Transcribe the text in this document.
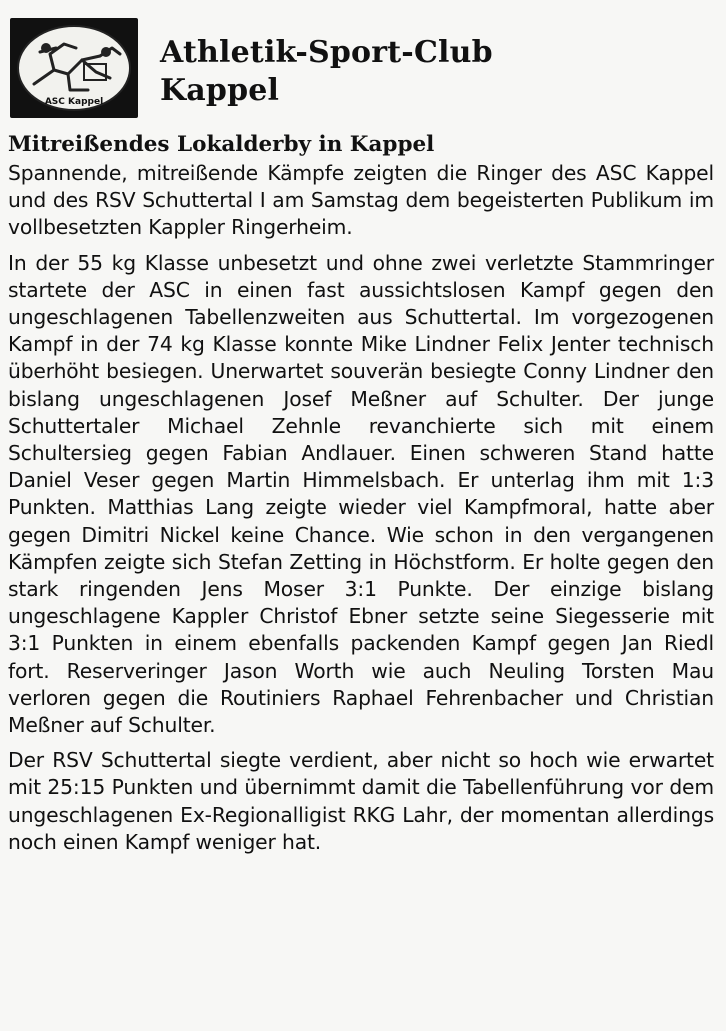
ASC Kappel
Athletik-Sport-Club
Kappel
Mitreißendes Lokalderby in Kappel

Spannende, mitreißende Kämpfe zeigten die Ringer des ASC Kappel und des RSV Schuttertal I am Samstag dem begeisterten Publikum im vollbesetzten Kappler Ringerheim.

In der 55 kg Klasse unbesetzt und ohne zwei verletzte Stammringer startete der ASC in einen fast aussichtslosen Kampf gegen den ungeschlagenen Tabellenzweiten aus Schuttertal. Im vorgezogenen Kampf in der 74 kg Klasse konnte Mike Lindner Felix Jenter technisch überhöht besiegen. Unerwartet souverän besiegte Conny Lindner den bislang ungeschlagenen Josef Meßner auf Schulter. Der junge Schuttertaler Michael Zehnle revanchierte sich mit einem Schultersieg gegen Fabian Andlauer. Einen schweren Stand hatte Daniel Veser gegen Martin Himmelsbach. Er unterlag ihm mit 1:3 Punkten. Matthias Lang zeigte wieder viel Kampfmoral, hatte aber gegen Dimitri Nickel keine Chance. Wie schon in den vergangenen Kämpfen zeigte sich Stefan Zetting in Höchstform. Er holte gegen den stark ringenden Jens Moser 3:1 Punkte. Der einzige bislang ungeschlagene Kappler Christof Ebner setzte seine Siegesserie mit 3:1 Punkten in einem ebenfalls packenden Kampf gegen Jan Riedl fort. Reserveringer Jason Worth wie auch Neuling Torsten Mau verloren gegen die Routiniers Raphael Fehrenbacher und Christian Meßner auf Schulter.

Der RSV Schuttertal siegte verdient, aber nicht so hoch wie erwartet mit 25:15 Punkten und übernimmt damit die Tabellenführung vor dem ungeschlagenen Ex-Regionalligist RKG Lahr, der momentan allerdings noch einen Kampf weniger hat.
